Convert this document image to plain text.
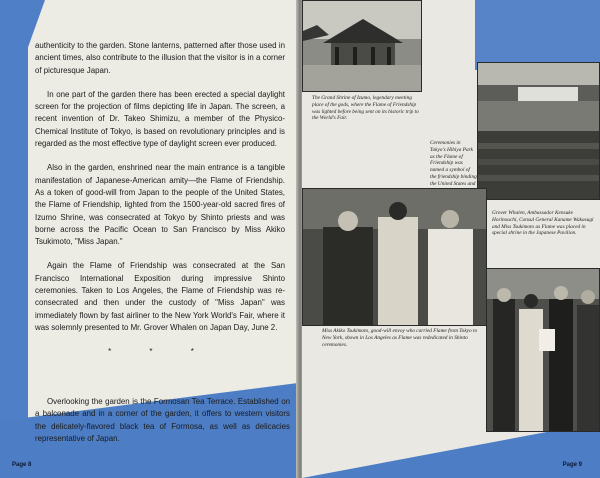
authenticity to the garden. Stone lanterns, patterned after those used in ancient times, also contribute to the illusion that the visitor is in a corner of picturesque Japan.

In one part of the garden there has been erected a special daylight screen for the projection of films depicting life in Japan. The screen, a recent invention of Dr. Takeo Shimizu, a member of the Physico-Chemical Institute of Tokyo, is based on revolutionary principles and is regarded as the most effective type of daylight screen ever produced.

Also in the garden, enshrined near the main entrance is a tangible manifestation of Japanese-American amity—the Flame of Friendship. As a token of good-will from Japan to the people of the United States, the Flame of Friendship, lighted from the 1500-year-old sacred fires of Izumo Shrine, was consecrated at Tokyo by Shinto priests and was borne across the Pacific Ocean to San Francisco by Miss Akiko Tsukimoto, "Miss Japan."

Again the Flame of Friendship was consecrated at the San Francisco International Exposition during impressive Shinto ceremonies. Taken to Los Angeles, the Flame of Friendship was re-consecrated and then under the custody of "Miss Japan" was immediately flown by fast airliner to the New York World's Fair, where it was solemnly presented to Mr. Grover Whalen on Japan Day, June 2.

* * *

Overlooking the garden is the Formosan Tea Terrace. Established on a balconade and in a corner of the garden, it offers to western visitors the delicately-flavored black tea of Formosa, as well as delicacies representative of Japan.

Page 8
The Grand Shrine of Izumo, legendary meeting place of the gods, where the Flame of Friendship was lighted before being sent on its historic trip to the World's Fair.
Ceremonies in Tokyo's Hibiya Park as the Flame of Friendship was named a symbol of the friendship binding the United States and
Miss Akiko Tsukimoto, good-will envoy who carried Flame from Tokyo to New York, shown in Los Angeles as Flame was rededicated in Shinto ceremonies.
Grover Whalen, Ambassador Kensuke Horinouchi, Consul General Kaname Wakasugi and Miss Tsukimoto as Flame was placed in special shrine in the Japanese Pavilion.
Page 9
